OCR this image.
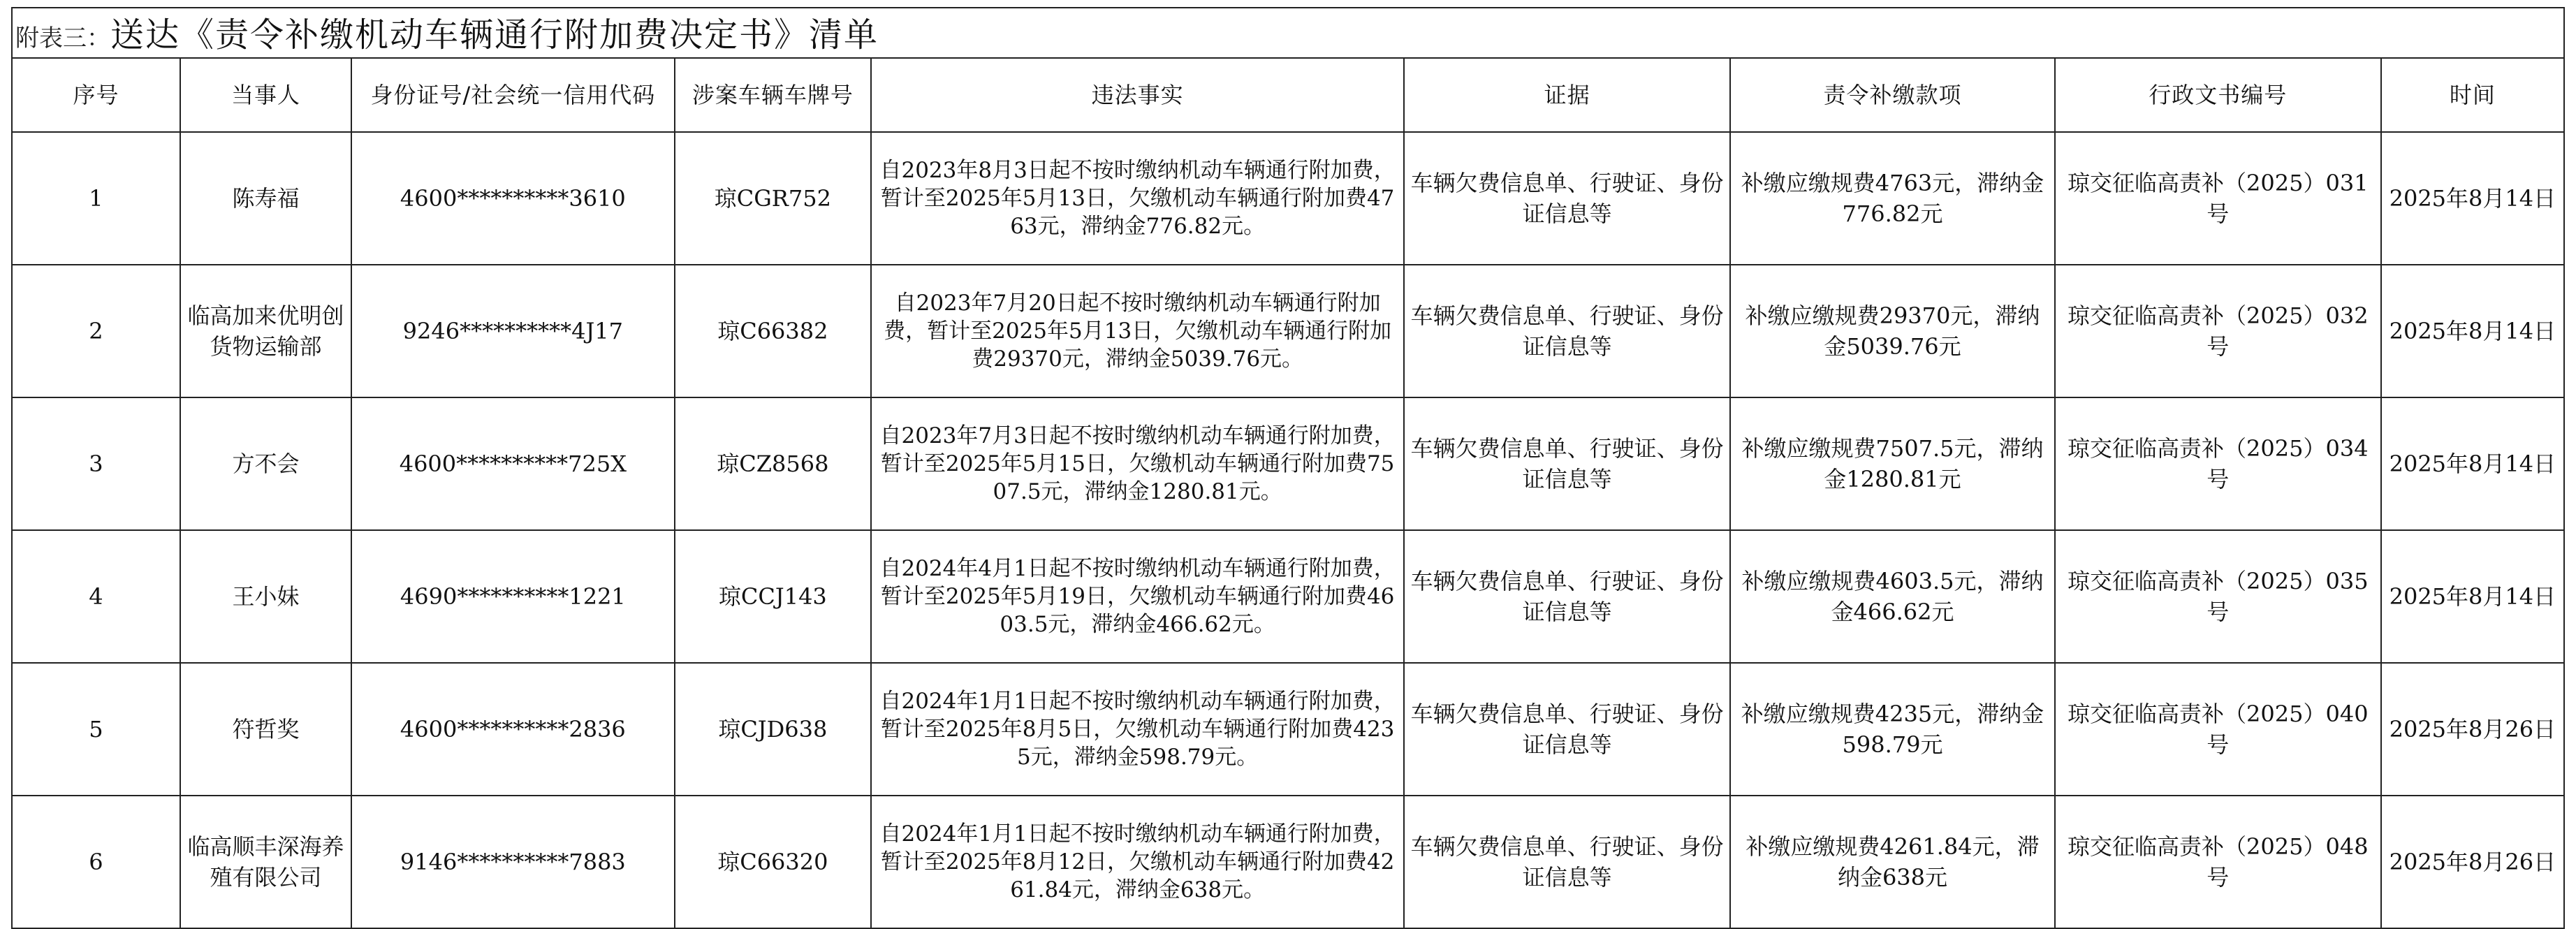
附表三： 送达《责令补缴机动车辆通行附加费决定书》清单
序号	当事人	身份证号/社会统一信用代码	涉案车辆车牌号	违法事实	证据	责令补缴款项	行政文书编号	时间
1	陈寿福	4600**********3610	琼CGR752	自2023年8月3日起不按时缴纳机动车辆通行附加费，暂计至2025年5月13日，欠缴机动车辆通行附加费4763元，滞纳金776.82元。	车辆欠费信息单、行驶证、身份证信息等	补缴应缴规费4763元，滞纳金776.82元	琼交征临高责补（2025）031号	2025年8月14日
2	临高加来优明创货物运输部	9246**********4J17	琼C66382	自2023年7月20日起不按时缴纳机动车辆通行附加费，暂计至2025年5月13日，欠缴机动车辆通行附加费29370元，滞纳金5039.76元。	车辆欠费信息单、行驶证、身份证信息等	补缴应缴规费29370元，滞纳金5039.76元	琼交征临高责补（2025）032号	2025年8月14日
3	方不会	4600**********725X	琼CZ8568	自2023年7月3日起不按时缴纳机动车辆通行附加费，暂计至2025年5月15日，欠缴机动车辆通行附加费7507.5元，滞纳金1280.81元。	车辆欠费信息单、行驶证、身份证信息等	补缴应缴规费7507.5元，滞纳金1280.81元	琼交征临高责补（2025）034号	2025年8月14日
4	王小妹	4690**********1221	琼CCJ143	自2024年4月1日起不按时缴纳机动车辆通行附加费，暂计至2025年5月19日，欠缴机动车辆通行附加费4603.5元，滞纳金466.62元。	车辆欠费信息单、行驶证、身份证信息等	补缴应缴规费4603.5元，滞纳金466.62元	琼交征临高责补（2025）035号	2025年8月14日
5	符哲奖	4600**********2836	琼CJD638	自2024年1月1日起不按时缴纳机动车辆通行附加费，暂计至2025年8月5日，欠缴机动车辆通行附加费4235元，滞纳金598.79元。	车辆欠费信息单、行驶证、身份证信息等	补缴应缴规费4235元，滞纳金598.79元	琼交征临高责补（2025）040号	2025年8月26日
6	临高顺丰深海养殖有限公司	9146**********7883	琼C66320	自2024年1月1日起不按时缴纳机动车辆通行附加费，暂计至2025年8月12日，欠缴机动车辆通行附加费4261.84元，滞纳金638元。	车辆欠费信息单、行驶证、身份证信息等	补缴应缴规费4261.84元，滞纳金638元	琼交征临高责补（2025）048号	2025年8月26日
